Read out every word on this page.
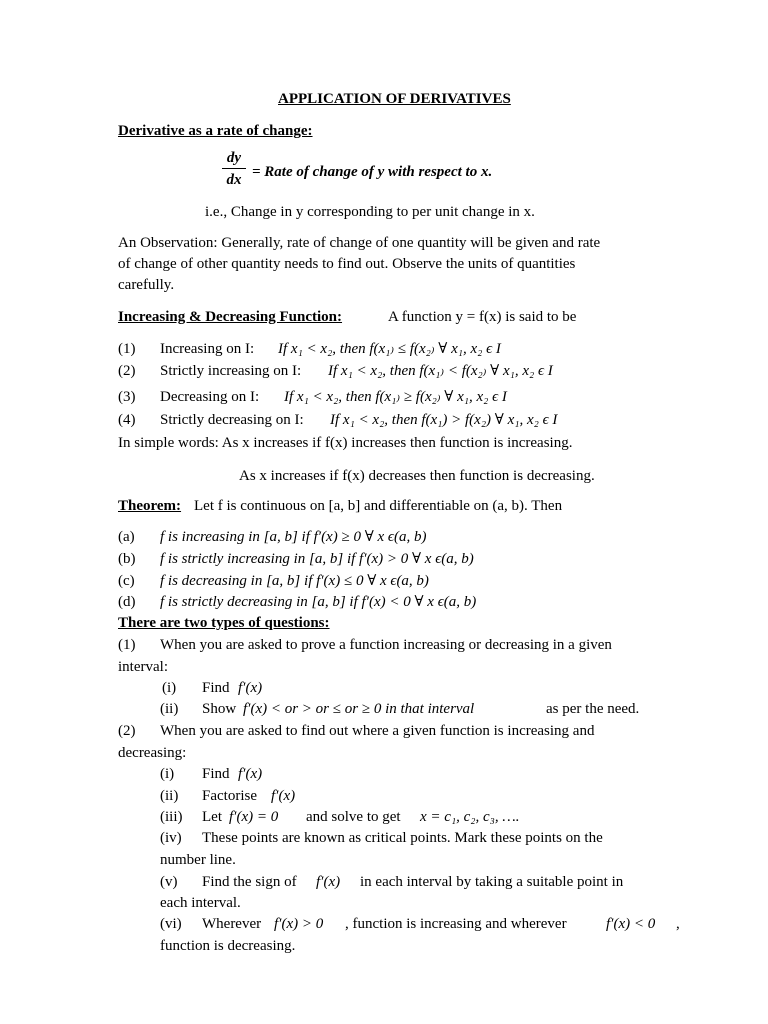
APPLICATION OF DERIVATIVES
Derivative as a rate of change:
dy
dx = Rate of change of y with respect to x.
i.e., Change in y corresponding to per unit change in x.
An Observation: Generally, rate of change of one quantity will be given and rate
of change of other quantity needs to find out. Observe the units of quantities
carefully.
Increasing & Decreasing Function:	A function y = f(x) is said to be
(1) Increasing on I: If x₁ < x₂, then f(x₁₎ ≤ f(x₂₎ ∀ x₁, x₂ ϵ I
(2) Strictly increasing on I: If x₁ < x₂, then f(x₁₎ < f(x₂₎ ∀ x₁, x₂ ϵ I
(3) Decreasing on I: If x₁ < x₂, then f(x₁₎ ≥ f(x₂₎ ∀ x₁, x₂ ϵ I
(4) Strictly decreasing on I: If x₁ < x₂, then f(x₁) > f(x₂) ∀ x₁, x₂ ϵ I
In simple words: As x increases if f(x) increases then function is increasing.
As x increases if f(x) decreases then function is decreasing.
Theorem: Let f is continuous on [a, b] and differentiable on (a, b). Then
(a) f is increasing in [a, b] if f′(x) ≥ 0 ∀ x ϵ(a, b)
(b) f is strictly increasing in [a, b] if f′(x) > 0 ∀ x ϵ(a, b)
(c) f is decreasing in [a, b] if f′(x) ≤ 0 ∀ x ϵ(a, b)
(d) f is strictly decreasing in [a, b] if f′(x) < 0 ∀ x ϵ(a, b)
There are two types of questions:
(1) When you are asked to prove a function increasing or decreasing in a given
interval:
(i) Find f′(x)
(ii) Show f′(x) < or > or ≤ or ≥ 0 in that interval	as per the need.
(2) When you are asked to find out where a given function is increasing and
decreasing:
(i) Find f′(x)
(ii) Factorise f′(x)
(iii) Let f′(x) = 0 and solve to get x = c₁, c₂, c₃, ….
(iv) These points are known as critical points. Mark these points on the
number line.
(v) Find the sign of f′(x) in each interval by taking a suitable point in
each interval.
(vi) Wherever f′(x) > 0 , function is increasing and wherever	f′(x) < 0 ,
function is decreasing.
